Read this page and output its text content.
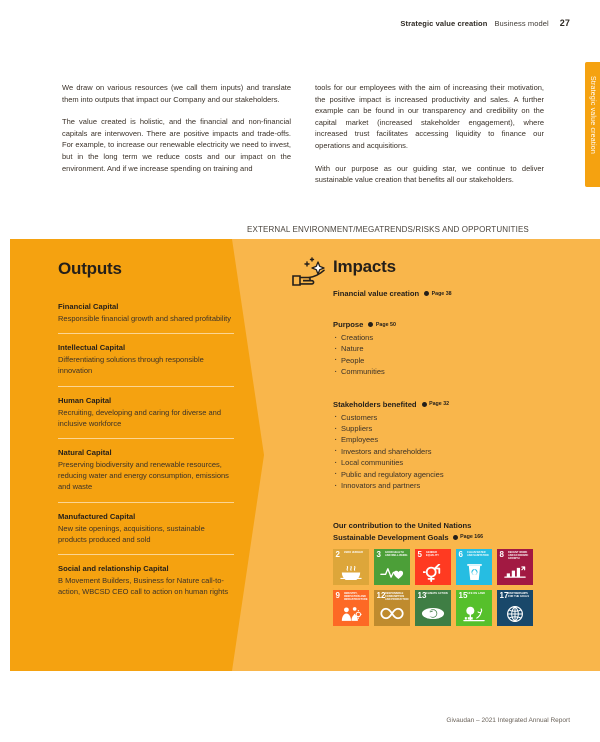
Strategic value creation Business model 27
Strategic value creation

We draw on various resources (we call them inputs) and translate them into outputs that impact our Company and our stakeholders.

The value created is holistic, and the financial and non-financial capitals are interwoven. There are positive impacts and trade-offs. For example, to increase our renewable electricity we need to invest, but in the long term we reduce costs and our impact on the environment. And if we increase spending on training and

tools for our employees with the aim of increasing their motivation, the positive impact is increased productivity and sales. A further example can be found in our transparency and credibility on the capital market (increased stakeholder engagement), where increased trust facilitates accessing liquidity to finance our operations and acquisitions.

With our purpose as our guiding star, we continue to deliver sustainable value creation that benefits all our stakeholders.

EXTERNAL ENVIRONMENT/MEGATRENDS/RISKS AND OPPORTUNITIES
Outputs
Financial Capital

Responsible financial growth and shared profitability

Intellectual Capital

Differentiating solutions through responsible innovation

Human Capital

Recruiting, developing and caring for diverse and inclusive workforce

Natural Capital

Preserving biodiversity and renewable resources, reducing water and energy consumption, emissions and waste

Manufactured Capital

New site openings, acquisitions, sustainable products produced and sold

Social and relationship Capital

B Movement Builders, Business for Nature call-to-action, WBCSD CEO call to action on human rights

Impacts
Financial value creation Page 38
Purpose Page 50
· Creations
· Nature
· People
· Communities
Stakeholders benefited Page 32
· Customers
· Suppliers
· Employees
· Investors and shareholders
· Local communities
· Public and regulatory agencies
· Innovators and partners
Our contribution to the United Nations
Sustainable Development Goals Page 166
2 ZERO HUNGER	3 GOOD HEALTH AND WELL-BEING 5 GENDER EQUALITY	6 CLEAN WATER AND SANITATION 8 DECENT WORK AND ECONOMIC GROWTH
9 INDUSTRY, INNOVATION AND INFRASTRUCTURE 12 RESPONSIBLE CONSUMPTION AND PRODUCTION 13 CLIMATE ACTION 15 LIFE ON LAND	17 PARTNERSHIPS FOR THE GOALS
Givaudan – 2021 Integrated Annual Report
